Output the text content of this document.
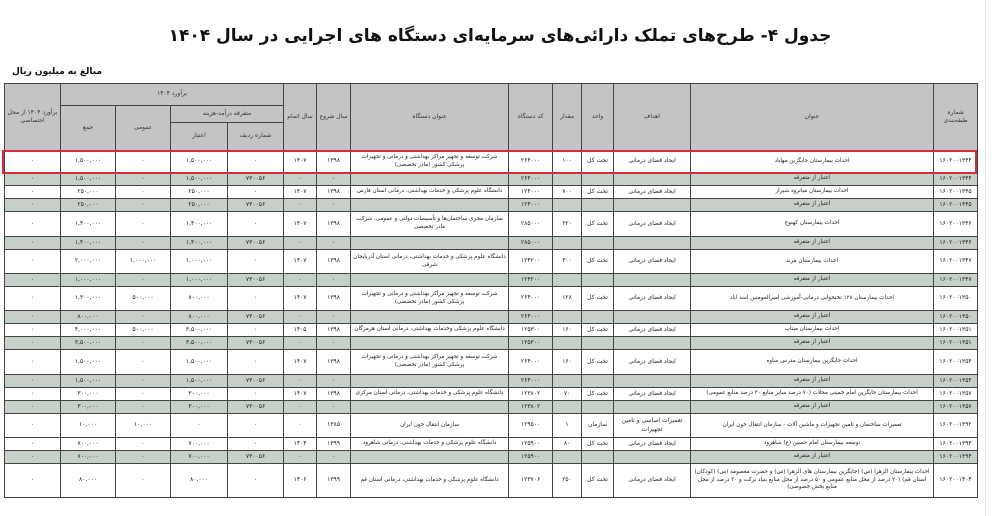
جدول ۴- طرح‌های تملک دارائی‌های سرمایه‌ای دستگاه های اجرایی در سال ۱۴۰۴
مبالغ به میلیون ریال
شماره طبقه‌بندی	عنوان	اهداف	واحد	مقدار	کد دستگاه	عنوان دستگاه	سال شروع	سال اتمام	برآورد ۱۴۰۴				برآورد ۱۴۰۴ از محل اختصاصی
									متفرقه درآمد-هزینه		عمومی	جمع	
									شماره ردیف	اعتبار			
۱۶۰۲۰۰۱۳۴۴	احداث بیمارستان جایگزین مهاباد	ایجاد فضای درمانی	تخت کل	۱۰۰	۲۶۴۰۰۰	شرکت توسعه و تجهیز مراکز بهداشتی و درمانی و تجهیزات پزشکی کشور (مادر تخصصی)	۱۳۹۸	۱۴۰۷	۰	۱,۵۰۰,۰۰۰	۰	۱,۵۰۰,۰۰۰	۰
۱۶۰۲۰۰۱۳۴۴	اعتبار از متفرقه				۲۶۴۰۰۰		۰	۰	۷۳۰۰۵۶	۱,۵۰۰,۰۰۰	۰	۱,۵۰۰,۰۰۰	۰
۱۶۰۲۰۰۱۳۴۵	احداث بیمارستان میانرود شیراز	ایجاد فضای درمانی	تخت کل	۷۰۰	۱۲۴۰۰۰	دانشگاه علوم پزشکی و خدمات بهداشتی، درمانی استان فارس	۱۳۹۸	۱۴۰۷	۰	۲۵۰,۰۰۰	۰	۲۵۰,۰۰۰	۰
۱۶۰۲۰۰۱۳۴۵	اعتبار از متفرقه				۱۲۴۰۰۰		۰	۰	۷۳۰۰۵۶	۲۵۰,۰۰۰	۰	۲۵۰,۰۰۰	۰
۱۶۰۲۰۰۱۳۴۶	احداث بیمارستان کهنوج	ایجاد فضای درمانی	تخت کل	۲۲۰	۲۸۵۰۰۰	سازمان مجری ساختمان‌ها و تأسیسات دولتی و عمومی، شرکت مادر تخصصی	۱۳۹۸	۱۴۰۷	۰	۱,۴۰۰,۰۰۰	۰	۱,۴۰۰,۰۰۰	۰
۱۶۰۲۰۰۱۳۴۶	اعتبار از متفرقه				۲۸۵۰۰۰		۰	۰	۷۳۰۰۵۶	۱,۴۰۰,۰۰۰	۰	۱,۴۰۰,۰۰۰	۰
۱۶۰۲۰۰۱۳۴۷	احداث بیمارستان مرند	ایجاد فضای درمانی	تخت کل	۳۰۰	۱۲۴۲۰۰	دانشگاه علوم پزشکی و خدمات بهداشتی، درمانی استان آذربایجان شرقی	۱۳۹۸	۱۴۰۷	۰	۱,۰۰۰,۰۰۰	۱,۰۰۰,۰۰۰	۲,۰۰۰,۰۰۰	۰
۱۶۰۲۰۰۱۳۴۷	اعتبار از متفرقه				۱۲۴۲۰۰		۰	۰	۷۳۰۰۵۶	۱,۰۰۰,۰۰۰	۰	۱,۰۰۰,۰۰۰	۰
۱۶۰۲۰۰۱۳۵۰	احداث بیمارستان ۱۲۸ تختخوابی درمانی-آموزشی امیرالمومنین اسد اباد	ایجاد فضای درمانی	تخت کل	۱۲۸	۲۶۴۰۰۰	شرکت توسعه و تجهیز مراکز بهداشتی و درمانی و تجهیزات پزشکی کشور (مادر تخصصی)	۱۳۹۸	۱۴۰۷	۰	۸۰۰,۰۰۰	۵۰۰,۰۰۰	۱,۳۰۰,۰۰۰	۰
۱۶۰۲۰۰۱۳۵۰	اعتبار از متفرقه				۲۶۴۰۰۰		۰	۰	۷۳۰۰۵۶	۸۰۰,۰۰۰	۰	۸۰۰,۰۰۰	۰
۱۶۰۲۰۰۱۳۵۱	احداث بیمارستان میناب	ایجاد فضای درمانی	تخت کل	۱۶۰	۱۲۵۳۰۰	دانشگاه علوم پزشکی وخدمات بهداشتی، درمانی استان هرمزگان	۱۳۹۸	۱۴۰۵	۰	۳,۵۰۰,۰۰۰	۵۰۰,۰۰۰	۴,۰۰۰,۰۰۰	۰
۱۶۰۲۰۰۱۳۵۱	اعتبار از متفرقه				۱۲۵۳۰۰		۰	۰	۷۳۰۰۵۶	۳,۵۰۰,۰۰۰	۰	۳,۵۰۰,۰۰۰	۰
۱۶۰۲۰۰۱۳۵۴	احداث جایگزین بیمارستان مدرس ساوه	ایجاد فضای درمانی	تخت کل	۱۶۰	۲۶۴۰۰۰	شرکت توسعه و تجهیز مراکز بهداشتی و درمانی و تجهیزات پزشکی کشور (مادر تخصصی)	۱۳۹۸	۱۴۰۷	۰	۱,۵۰۰,۰۰۰	۰	۱,۵۰۰,۰۰۰	۰
۱۶۰۲۰۰۱۳۵۴	اعتبار از متفرقه				۲۶۴۰۰۰		۰	۰	۷۳۰۰۵۶	۱,۵۰۰,۰۰۰	۰	۱,۵۰۰,۰۰۰	۰
۱۶۰۲۰۰۱۳۵۷	احداث بیمارستان جایگزین امام خمینی محلات (۷۰ درصد سایر منابع ۳۰ درصد منابع عمومی)	ایجاد فضای درمانی	تخت کل	۷۰	۱۲۳۸۰۲	دانشگاه علوم پزشکی و خدمات بهداشتی، درمانی استان مرکزی	۱۳۹۸	۱۴۰۷	۰	۳۰۰,۰۰۰	۰	۳۰۰,۰۰۰	۰
۱۶۰۲۰۰۱۳۵۷	اعتبار از متفرقه				۱۲۳۸۰۲		۰	۰	۷۳۰۰۵۶	۳۰۰,۰۰۰	۰	۳۰۰,۰۰۰	۰
۱۶۰۲۰۰۱۳۹۲	تعمیرات ساختمان و تامین تجهیزات و ماشین آلات - سازمان انتقال خون ایران	تعمیرات اساسی و تامین تجهیزات	سازمان	۱	۱۲۹۵۰۰	سازمان انتقال خون ایران	۱۳۸۵	۰	۰	۰	۱۰,۰۰۰	۱۰,۰۰۰	۰
۱۶۰۲۰۰۱۳۹۴	توسعه بیمارستان امام حسین (ع) شاهرود	ایجاد فضای درمانی	تخت کل	۸۰	۱۲۵۹۰۰	دانشگاه علوم پزشکی و خدمات بهداشتی، درمانی شاهرود	۱۳۹۹	۱۴۰۴	۰	۷۰۰,۰۰۰	۰	۷۰۰,۰۰۰	۰
۱۶۰۲۰۰۱۳۹۴	اعتبار از متفرقه				۱۲۵۹۰۰		۰	۰	۷۳۰۰۵۶	۷۰۰,۰۰۰	۰	۷۰۰,۰۰۰	۰
۱۶۰۲۰۰۱۴۰۴	احداث بیمارستان الزهرا (س) (جایگزین بیمارستان های الزهرا (س) و حضرت معصومه (س) (کودکان) استان قم) (۲۰ درصد از محل منابع عمومی و ۵۰ درصد از محل منابع بنیاد برکت و ۳۰ درصد از محل منابع بخش خصوصی)	ایجاد فضای درمانی	تخت کل	۲۵۰	۱۲۳۷۰۶	دانشگاه علوم پزشکی و خدمات بهداشتی، درمانی استان قم	۱۳۹۹	۱۴۰۶	۰	۸۰,۰۰۰	۰	۸۰,۰۰۰	۰
